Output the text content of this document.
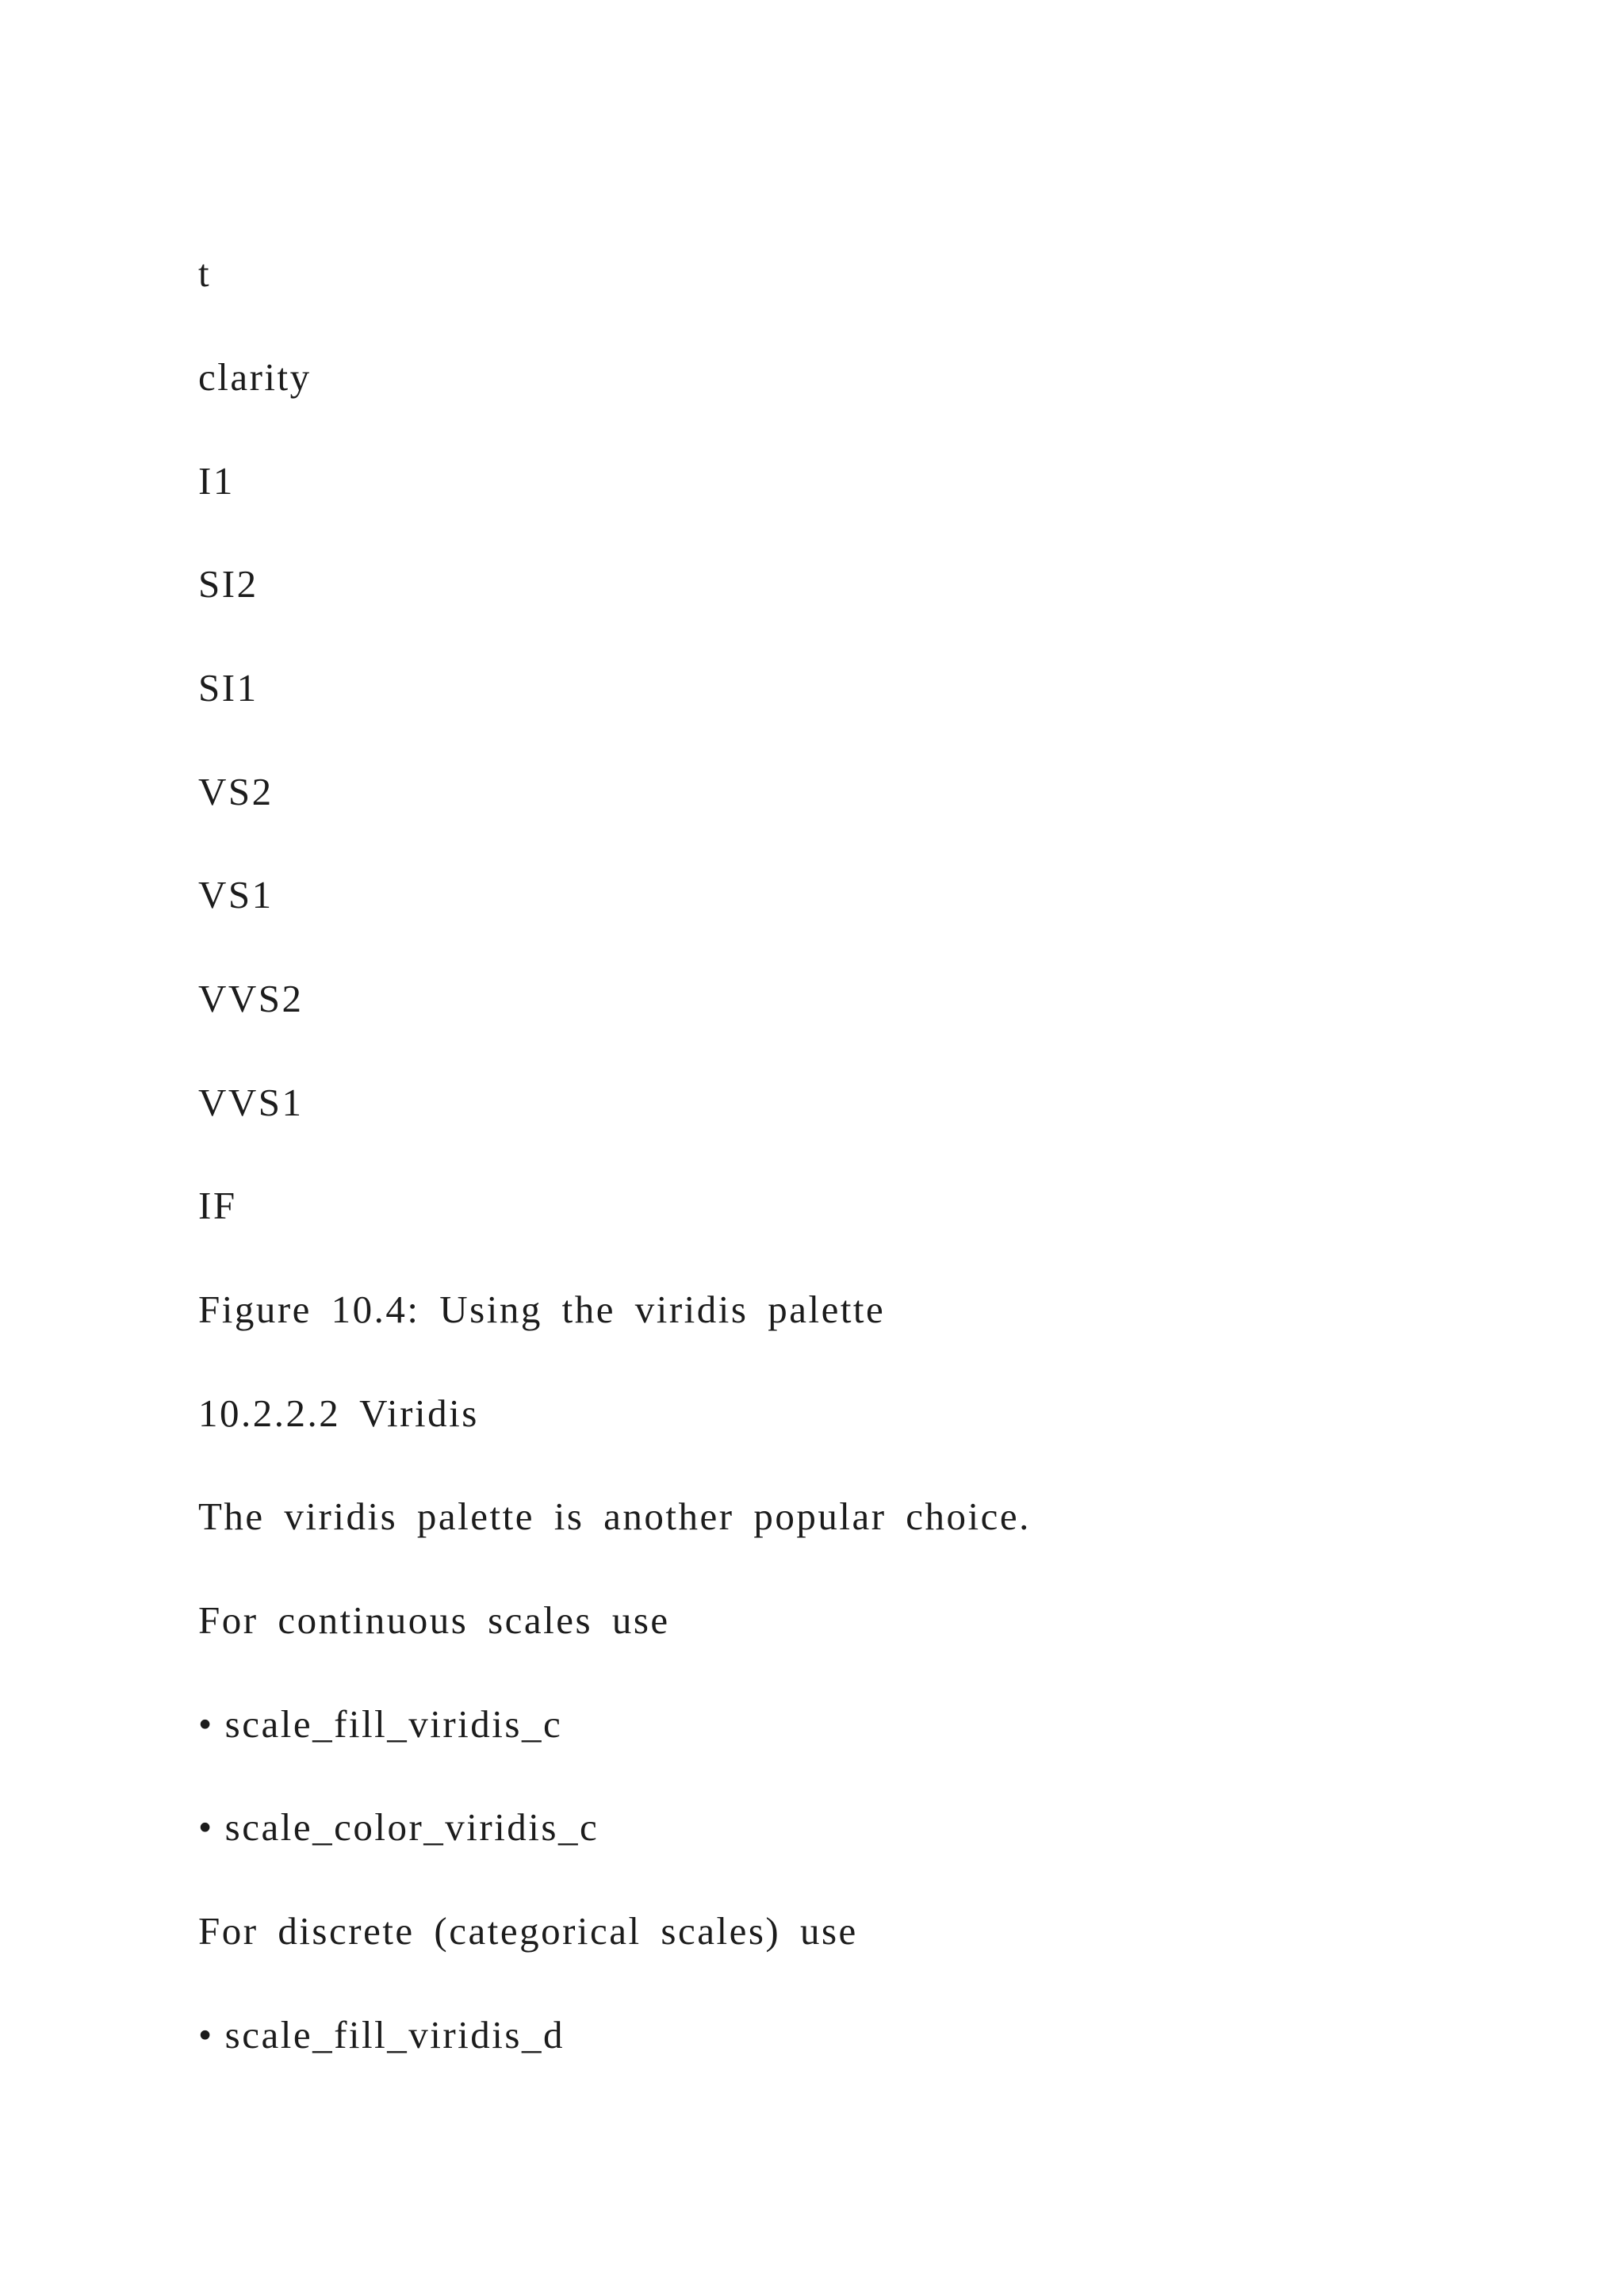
t

clarity

I1

SI2

SI1

VS2

VS1

VVS2

VVS1

IF

Figure 10.4: Using the viridis palette

10.2.2.2 Viridis

The viridis palette is another popular choice.

For continuous scales use

• scale_fill_viridis_c

• scale_color_viridis_c

For discrete (categorical scales) use

• scale_fill_viridis_d
